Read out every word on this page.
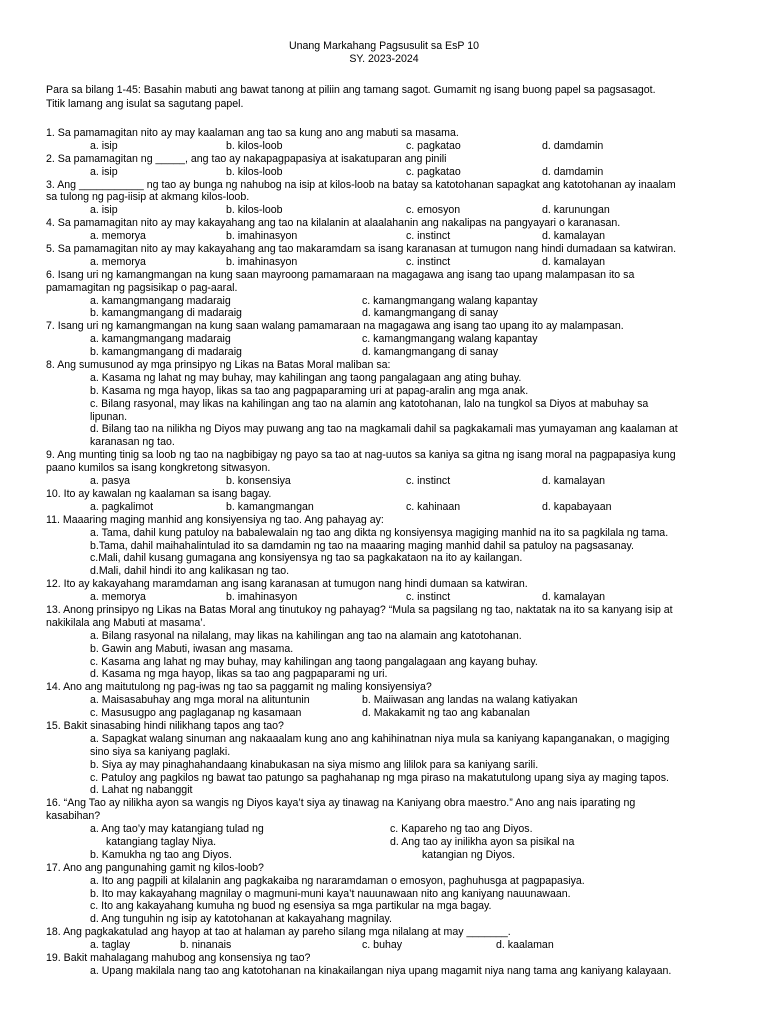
Unang Markahang Pagsusulit sa EsP 10
SY. 2023-2024
Para sa bilang 1-45: Basahin mabuti ang bawat tanong at piliin ang tamang sagot. Gumamit ng isang buong papel sa pagsasagot.
Titik lamang ang isulat sa sagutang papel.
1. Sa pamamagitan nito ay may kaalaman ang tao sa kung ano ang mabuti sa masama.
a. isip	b. kilos-loob	c. pagkatao	d. damdamin
2. Sa pamamagitan ng _____, ang tao ay nakapagpapasiya at isakatuparan ang pinili
a. isip	b. kilos-loob	c. pagkatao	d. damdamin
3. Ang ___________ ng tao ay bunga ng nahubog na isip at kilos-loob na batay sa katotohanan sapagkat ang katotohanan ay inaalam
sa tulong ng pag-iisip at akmang kilos-loob.
a. isip	b. kilos-loob	c. emosyon	d. karunungan
4. Sa pamamagitan nito ay may kakayahang ang tao na kilalanin at alaalahanin ang nakalipas na pangyayari o karanasan.
a. memorya	b. imahinasyon	c. instinct	d. kamalayan
5. Sa pamamagitan nito ay may kakayahang ang tao makaramdam sa isang karanasan at tumugon nang hindi dumadaan sa katwiran.
a. memorya	b. imahinasyon	c. instinct	d. kamalayan
6. Isang uri ng kamangmangan na kung saan mayroong pamamaraan na magagawa ang isang tao upang malampasan ito sa
pamamagitan ng pagsisikap o pag-aaral.
a. kamangmangang madaraig	c. kamangmangang walang kapantay
b. kamangmangang di madaraig	d. kamangmangang di sanay
7. Isang uri ng kamangmangan na kung saan walang pamamaraan na magagawa ang isang tao upang ito ay malampasan.
a. kamangmangang madaraig	c. kamangmangang walang kapantay
b. kamangmangang di madaraig	d. kamangmangang di sanay
8. Ang sumusunod ay mga prinsipyo ng Likas na Batas Moral maliban sa:
a. Kasama ng lahat ng may buhay, may kahilingan ang taong pangalagaan ang ating buhay.
b. Kasama ng mga hayop, likas sa tao ang pagpaparaming uri at papag-aralin ang mga anak.
c. Bilang rasyonal, may likas na kahilingan ang tao na alamin ang katotohanan, lalo na tungkol sa Diyos at mabuhay sa
lipunan.
d. Bilang tao na nilikha ng Diyos may puwang ang tao na magkamali dahil sa pagkakamali mas yumayaman ang kaalaman at
karanasan ng tao.
9. Ang munting tinig sa loob ng tao na nagbibigay ng payo sa tao at nag-uutos sa kaniya sa gitna ng isang moral na pagpapasiya kung
paano kumilos sa isang kongkretong sitwasyon.
a. pasya	b. konsensiya	c. instinct	d. kamalayan
10. Ito ay kawalan ng kaalaman sa isang bagay.
a. pagkalimot	b. kamangmangan	c. kahinaan	d. kapabayaan
11. Maaaring maging manhid ang konsiyensiya ng tao. Ang pahayag ay:
a. Tama, dahil kung patuloy na babalewalain ng tao ang dikta ng konsiyensya magiging manhid na ito sa pagkilala ng tama.
b.Tama, dahil maihahalintulad ito sa damdamin ng tao na maaaring maging manhid dahil sa patuloy na pagsasanay.
c.Mali, dahil kusang gumagana ang konsiyensya ng tao sa pagkakataon na ito ay kailangan.
d.Mali, dahil hindi ito ang kalikasan ng tao.
12. Ito ay kakayahang maramdaman ang isang karanasan at tumugon nang hindi dumaan sa katwiran.
a. memorya	b. imahinasyon	c. instinct	d. kamalayan
13. Anong prinsipyo ng Likas na Batas Moral ang tinutukoy ng pahayag? “Mula sa pagsilang ng tao, naktatak na ito sa kanyang isip at
nakikilala ang Mabuti at masama’.
a. Bilang rasyonal na nilalang, may likas na kahilingan ang tao na alamain ang katotohanan.
b. Gawin ang Mabuti, iwasan ang masama.
c. Kasama ang lahat ng may buhay, may kahilingan ang taong pangalagaan ang kayang buhay.
d. Kasama ng mga hayop, likas sa tao ang pagpaparami ng uri.
14. Ano ang maitutulong ng pag-iwas ng tao sa paggamit ng maling konsiyensiya?
a. Maisasabuhay ang mga moral na alituntunin	b. Maiiwasan ang landas na walang katiyakan
c. Masusugpo ang paglaganap ng kasamaan	d. Makakamit ng tao ang kabanalan
15. Bakit sinasabing hindi nilikhang tapos ang tao?
a. Sapagkat walang sinuman ang nakaaalam kung ano ang kahihinatnan niya mula sa kaniyang kapanganakan, o magiging
sino siya sa kaniyang paglaki.
b. Siya ay may pinaghahandaang kinabukasan na siya mismo ang lililok para sa kaniyang sarili.
c. Patuloy ang pagkilos ng bawat tao patungo sa paghahanap ng mga piraso na makatutulong upang siya ay maging tapos.
d. Lahat ng nabanggit
16. “Ang Tao ay nilikha ayon sa wangis ng Diyos kaya’t siya ay tinawag na Kaniyang obra maestro.” Ano ang nais iparating ng
kasabihan?
a. Ang tao’y may katangiang tulad ng	c. Kapareho ng tao ang Diyos.
katangiang taglay Niya.	d. Ang tao ay inilikha ayon sa pisikal na
b. Kamukha ng tao ang Diyos.	katangian ng Diyos.
17. Ano ang pangunahing gamit ng kilos-loob?
a. Ito ang pagpili at kilalanin ang pagkakaiba ng nararamdaman o emosyon, paghuhusga at pagpapasiya.
b. Ito may kakayahang magnilay o magmuni-muni kaya’t nauunawaan nito ang kaniyang nauunawaan.
c. Ito ang kakayahang kumuha ng buod ng esensiya sa mga partikular na mga bagay.
d. Ang tunguhin ng isip ay katotohanan at kakayahang magnilay.
18. Ang pagkakatulad ang hayop at tao at halaman ay pareho silang mga nilalang at may _______.
a. taglay	b. ninanais	c. buhay	d. kaalaman
19. Bakit mahalagang mahubog ang konsensiya ng tao?
a. Upang makilala nang tao ang katotohanan na kinakailangan niya upang magamit niya nang tama ang kaniyang kalayaan.
